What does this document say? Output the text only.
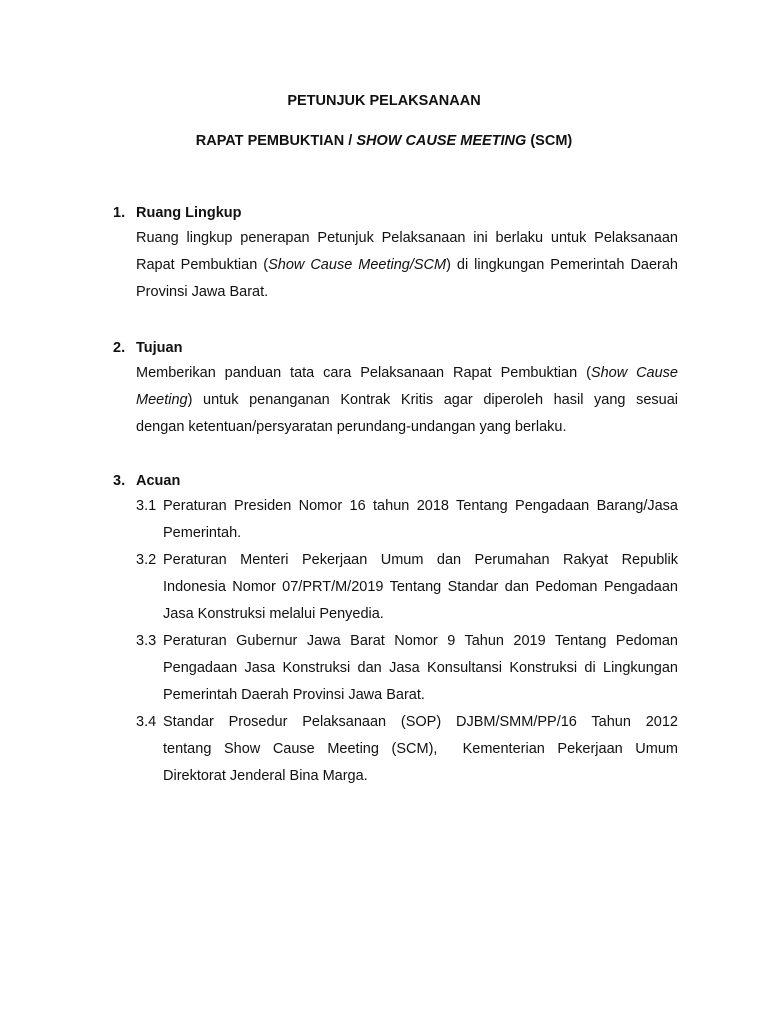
PETUNJUK PELAKSANAAN
RAPAT PEMBUKTIAN / SHOW CAUSE MEETING (SCM)
1. Ruang Lingkup
Ruang lingkup penerapan Petunjuk Pelaksanaan ini berlaku untuk Pelaksanaan
Rapat Pembuktian (Show Cause Meeting/SCM) di lingkungan Pemerintah Daerah
Provinsi Jawa Barat.
2. Tujuan
Memberikan panduan tata cara Pelaksanaan Rapat Pembuktian (Show Cause
Meeting) untuk penanganan Kontrak Kritis agar diperoleh hasil yang sesuai
dengan ketentuan/persyaratan perundang-undangan yang berlaku.
3. Acuan
3.1 Peraturan Presiden Nomor 16 tahun 2018 Tentang Pengadaan Barang/Jasa
Pemerintah.
3.2 Peraturan Menteri Pekerjaan Umum dan Perumahan Rakyat Republik
Indonesia Nomor 07/PRT/M/2019 Tentang Standar dan Pedoman Pengadaan
Jasa Konstruksi melalui Penyedia.
3.3 Peraturan Gubernur Jawa Barat Nomor 9 Tahun 2019 Tentang Pedoman
Pengadaan Jasa Konstruksi dan Jasa Konsultansi Konstruksi di Lingkungan
Pemerintah Daerah Provinsi Jawa Barat.
3.4 Standar Prosedur Pelaksanaan (SOP) DJBM/SMM/PP/16 Tahun 2012
tentang Show Cause Meeting (SCM),  Kementerian Pekerjaan Umum
Direktorat Jenderal Bina Marga.
